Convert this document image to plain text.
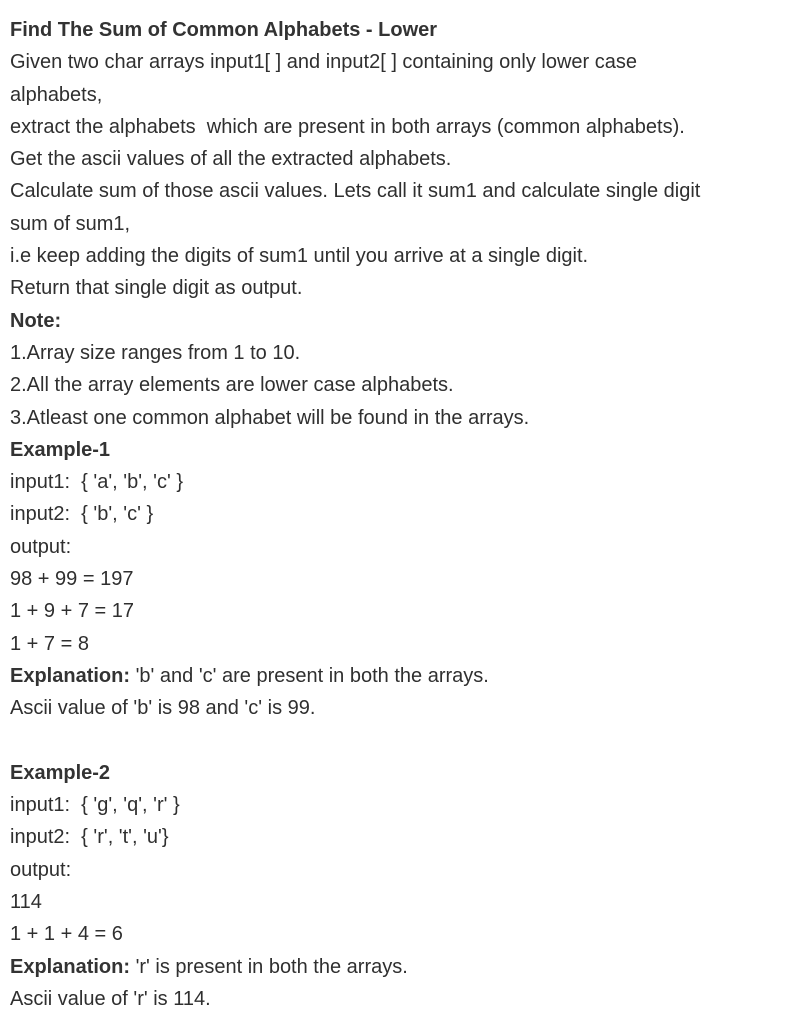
Find The Sum of Common Alphabets - Lower

Given two char arrays input1[ ] and input2[ ] containing only lower case

alphabets,

extract the alphabets  which are present in both arrays (common alphabets).

Get the ascii values of all the extracted alphabets.

Calculate sum of those ascii values. Lets call it sum1 and calculate single digit

sum of sum1,

i.e keep adding the digits of sum1 until you arrive at a single digit.

Return that single digit as output.

Note:

1.Array size ranges from 1 to 10.

2.All the array elements are lower case alphabets.

3.Atleast one common alphabet will be found in the arrays.

Example-1

input1:  { 'a', 'b', 'c' }

input2:  { 'b', 'c' }

output:

98 + 99 = 197

1 + 9 + 7 = 17

1 + 7 = 8

Explanation: 'b' and 'c' are present in both the arrays.

Ascii value of 'b' is 98 and 'c' is 99.

Example-2

input1:  { 'g', 'q', 'r' }

input2:  { 'r', 't', 'u'}

output:

114

1 + 1 + 4 = 6

Explanation: 'r' is present in both the arrays.

Ascii value of 'r' is 114.
